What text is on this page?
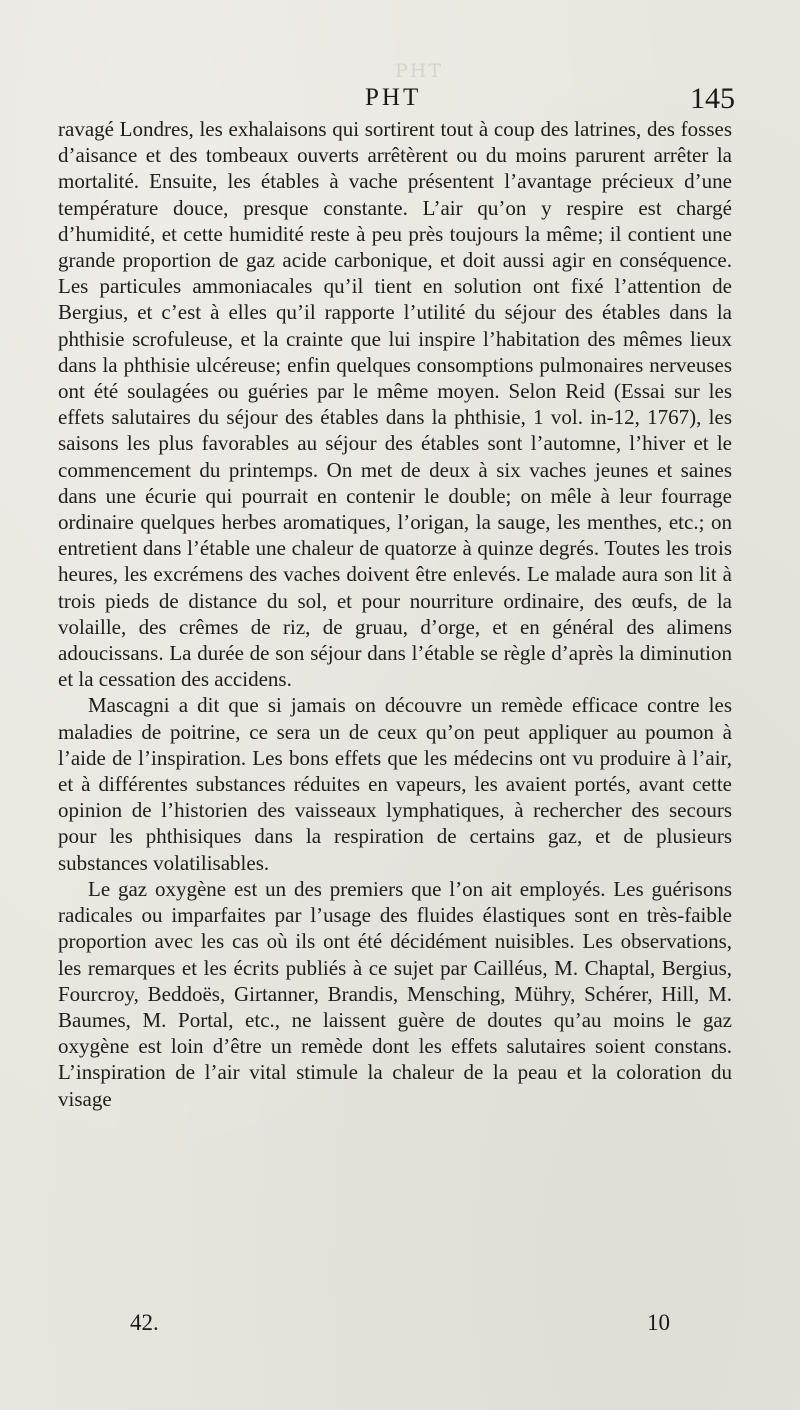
PHT
PHT	145

ravagé Londres, les exhalaisons qui sortirent tout à coup des latrines, des fosses d’aisance et des tombeaux ouverts arrêtèrent ou du moins parurent arrêter la mortalité. Ensuite, les étables à vache présentent l’avantage précieux d’une température douce, presque constante. L’air qu’on y respire est chargé d’humidité, et cette humidité reste à peu près toujours la même; il contient une grande proportion de gaz acide carbonique, et doit aussi agir en conséquence. Les particules ammoniacales qu’il tient en solution ont fixé l’attention de Bergius, et c’est à elles qu’il rapporte l’utilité du séjour des étables dans la phthisie scrofuleuse, et la crainte que lui inspire l’habitation des mêmes lieux dans la phthisie ulcéreuse; enfin quelques consomptions pulmonaires nerveuses ont été soulagées ou guéries par le même moyen. Selon Reid (Essai sur les effets salutaires du séjour des étables dans la phthisie, 1 vol. in-12, 1767), les saisons les plus favorables au séjour des étables sont l’automne, l’hiver et le commencement du printemps. On met de deux à six vaches jeunes et saines dans une écurie qui pourrait en contenir le double; on mêle à leur fourrage ordinaire quelques herbes aromatiques, l’origan, la sauge, les menthes, etc.; on entretient dans l’étable une chaleur de quatorze à quinze degrés. Toutes les trois heures, les excrémens des vaches doivent être enlevés. Le malade aura son lit à trois pieds de distance du sol, et pour nourriture ordinaire, des œufs, de la volaille, des crêmes de riz, de gruau, d’orge, et en général des alimens adoucissans. La durée de son séjour dans l’étable se règle d’après la diminution et la cessation des accidens.

Mascagni a dit que si jamais on découvre un remède efficace contre les maladies de poitrine, ce sera un de ceux qu’on peut appliquer au poumon à l’aide de l’inspiration. Les bons effets que les médecins ont vu produire à l’air, et à différentes substances réduites en vapeurs, les avaient portés, avant cette opinion de l’historien des vaisseaux lymphatiques, à rechercher des secours pour les phthisiques dans la respiration de certains gaz, et de plusieurs substances volatilisables.

Le gaz oxygène est un des premiers que l’on ait employés. Les guérisons radicales ou imparfaites par l’usage des fluides élastiques sont en très-faible proportion avec les cas où ils ont été décidément nuisibles. Les observations, les remarques et les écrits publiés à ce sujet par Cailléus, M. Chaptal, Bergius, Fourcroy, Beddoës, Girtanner, Brandis, Mensching, Mühry, Schérer, Hill, M. Baumes, M. Portal, etc., ne laissent guère de doutes qu’au moins le gaz oxygène est loin d’être un remède dont les effets salutaires soient constans. L’inspiration de l’air vital stimule la chaleur de la peau et la coloration du visage

42.	10
